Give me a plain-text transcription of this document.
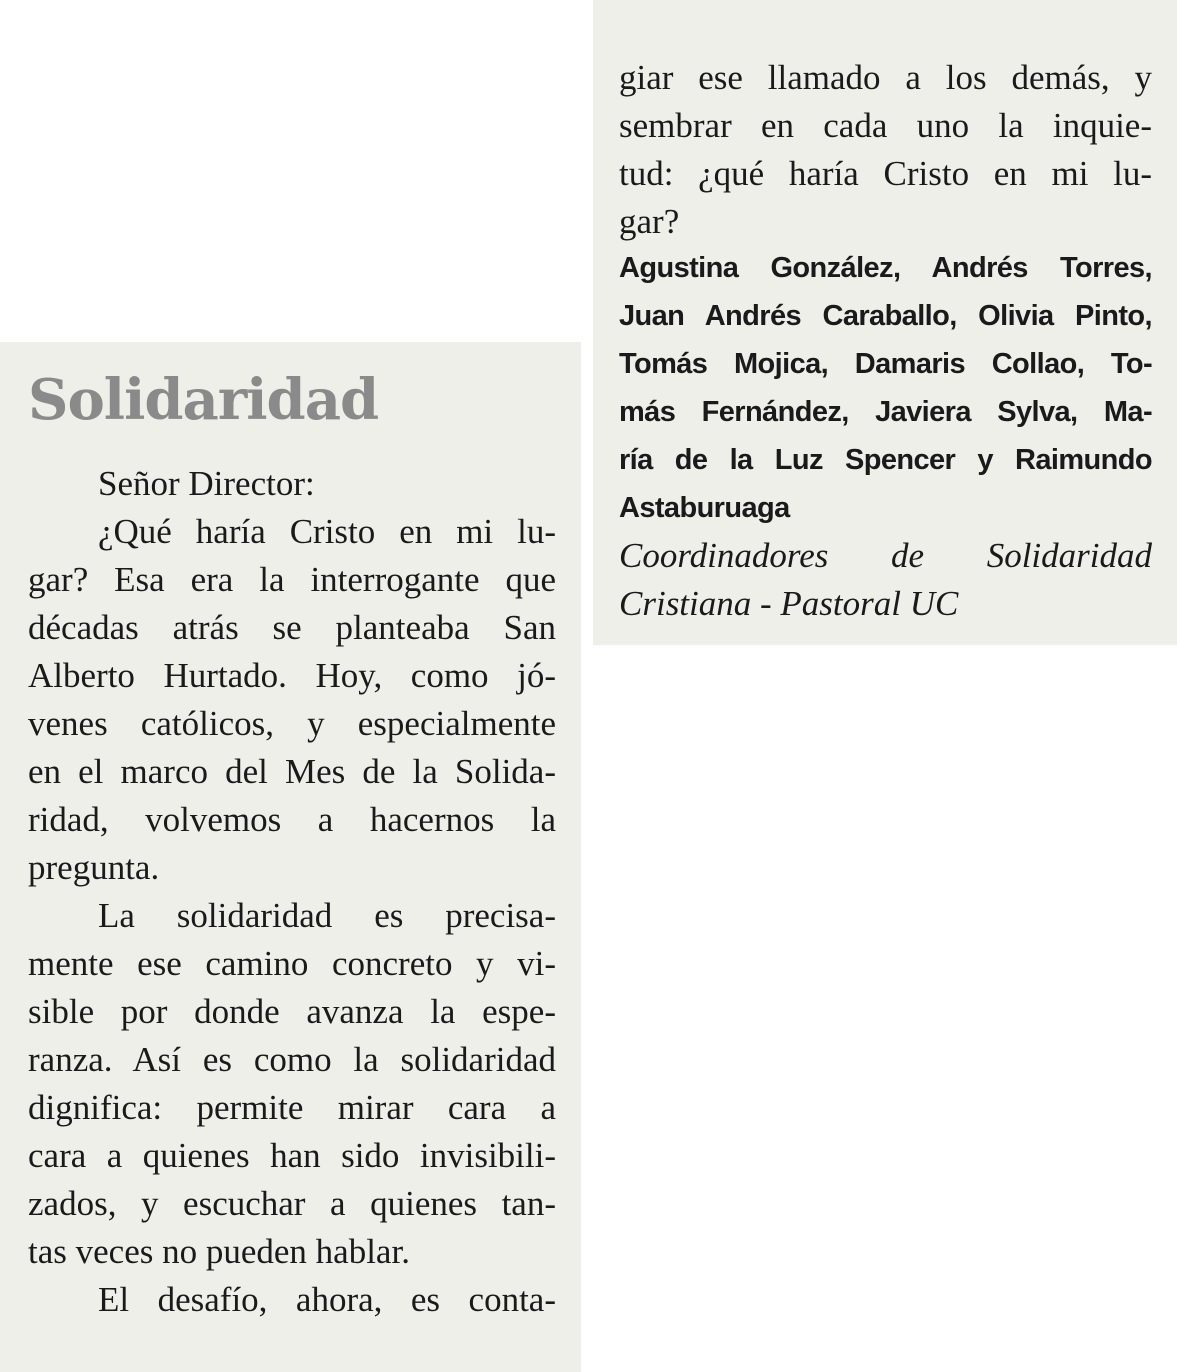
Solidaridad
Señor Director:
¿Qué haría Cristo en mi lu-
gar? Esa era la interrogante que
décadas atrás se planteaba San
Alberto Hurtado. Hoy, como jó-
venes católicos, y especialmente
en el marco del Mes de la Solida-
ridad, volvemos a hacernos la
pregunta.
La solidaridad es precisa-
mente ese camino concreto y vi-
sible por donde avanza la espe-
ranza. Así es como la solidaridad
dignifica: permite mirar cara a
cara a quienes han sido invisibili-
zados, y escuchar a quienes tan-
tas veces no pueden hablar.
El desafío, ahora, es conta-
giar ese llamado a los demás, y
sembrar en cada uno la inquie-
tud: ¿qué haría Cristo en mi lu-
gar?
Agustina González, Andrés Torres,
Juan Andrés Caraballo, Olivia Pinto,
Tomás Mojica, Damaris Collao, To-
más Fernández, Javiera Sylva, Ma-
ría de la Luz Spencer y Raimundo
Astaburuaga
Coordinadores de Solidaridad
Cristiana - Pastoral UC
